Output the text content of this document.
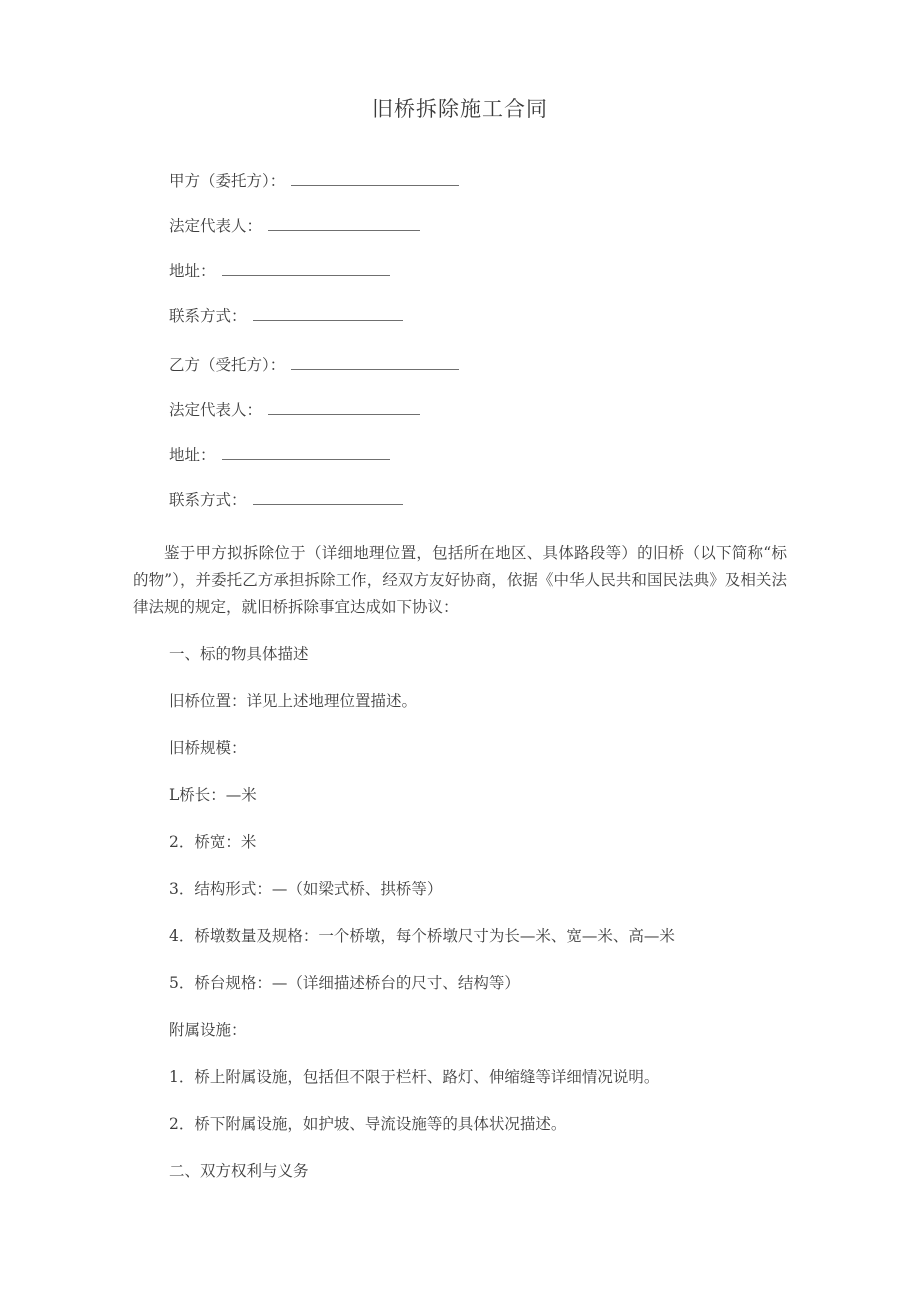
旧桥拆除施工合同
甲方（委托方）：
法定代表人：
地址：
联系方式：
乙方（受托方）：
法定代表人：
地址：
联系方式：

鉴于甲方拟拆除位于（详细地理位置，包括所在地区、具体路段等）的旧桥（以下简称“标的物”），并委托乙方承担拆除工作，经双方友好协商，依据《中华人民共和国民法典》及相关法律法规的规定，就旧桥拆除事宜达成如下协议：

一、标的物具体描述

旧桥位置：详见上述地理位置描述。

旧桥规模：

L桥长：—米

2．桥宽：米

3．结构形式：—（如梁式桥、拱桥等）

4．桥墩数量及规格：一个桥墩，每个桥墩尺寸为长—米、宽—米、高—米

5．桥台规格：—（详细描述桥台的尺寸、结构等）

附属设施：

1．桥上附属设施，包括但不限于栏杆、路灯、伸缩缝等详细情况说明。

2．桥下附属设施，如护坡、导流设施等的具体状况描述。

二、双方权利与义务
